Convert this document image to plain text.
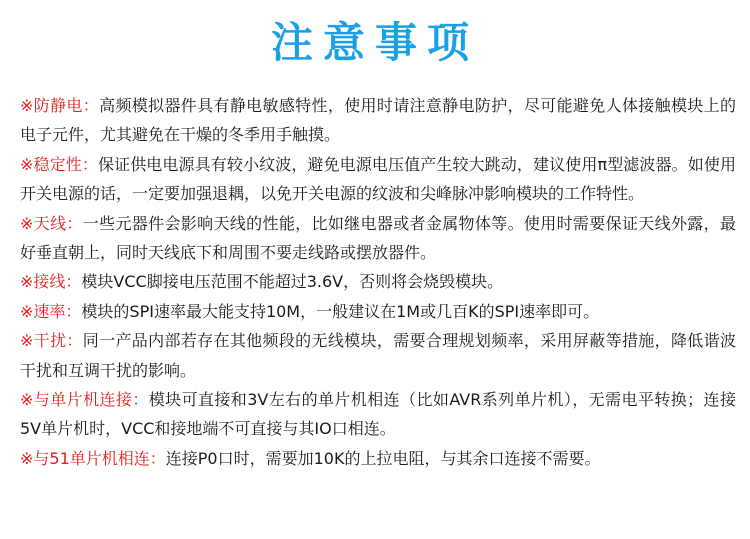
注意事项
※防静电：高频模拟器件具有静电敏感特性，使用时请注意静电防护，尽可能避免人体接触模块上的电子元件，尤其避免在干燥的冬季用手触摸。
※稳定性：保证供电电源具有较小纹波，避免电源电压值产生较大跳动，建议使用π型滤波器。如使用开关电源的话，一定要加强退耦，以免开关电源的纹波和尖峰脉冲影响模块的工作特性。
※天线：一些元器件会影响天线的性能，比如继电器或者金属物体等。使用时需要保证天线外露，最好垂直朝上，同时天线底下和周围不要走线路或摆放器件。
※接线：模块VCC脚接电压范围不能超过3.6V，否则将会烧毁模块。
※速率：模块的SPI速率最大能支持10M，一般建议在1M或几百K的SPI速率即可。
※干扰：同一产品内部若存在其他频段的无线模块，需要合理规划频率，采用屏蔽等措施，降低谐波干扰和互调干扰的影响。
※与单片机连接：模块可直接和3V左右的单片机相连（比如AVR系列单片机），无需电平转换；连接5V单片机时，VCC和接地端不可直接与其IO口相连。
※与51单片机相连：连接P0口时，需要加10K的上拉电阻，与其余口连接不需要。
